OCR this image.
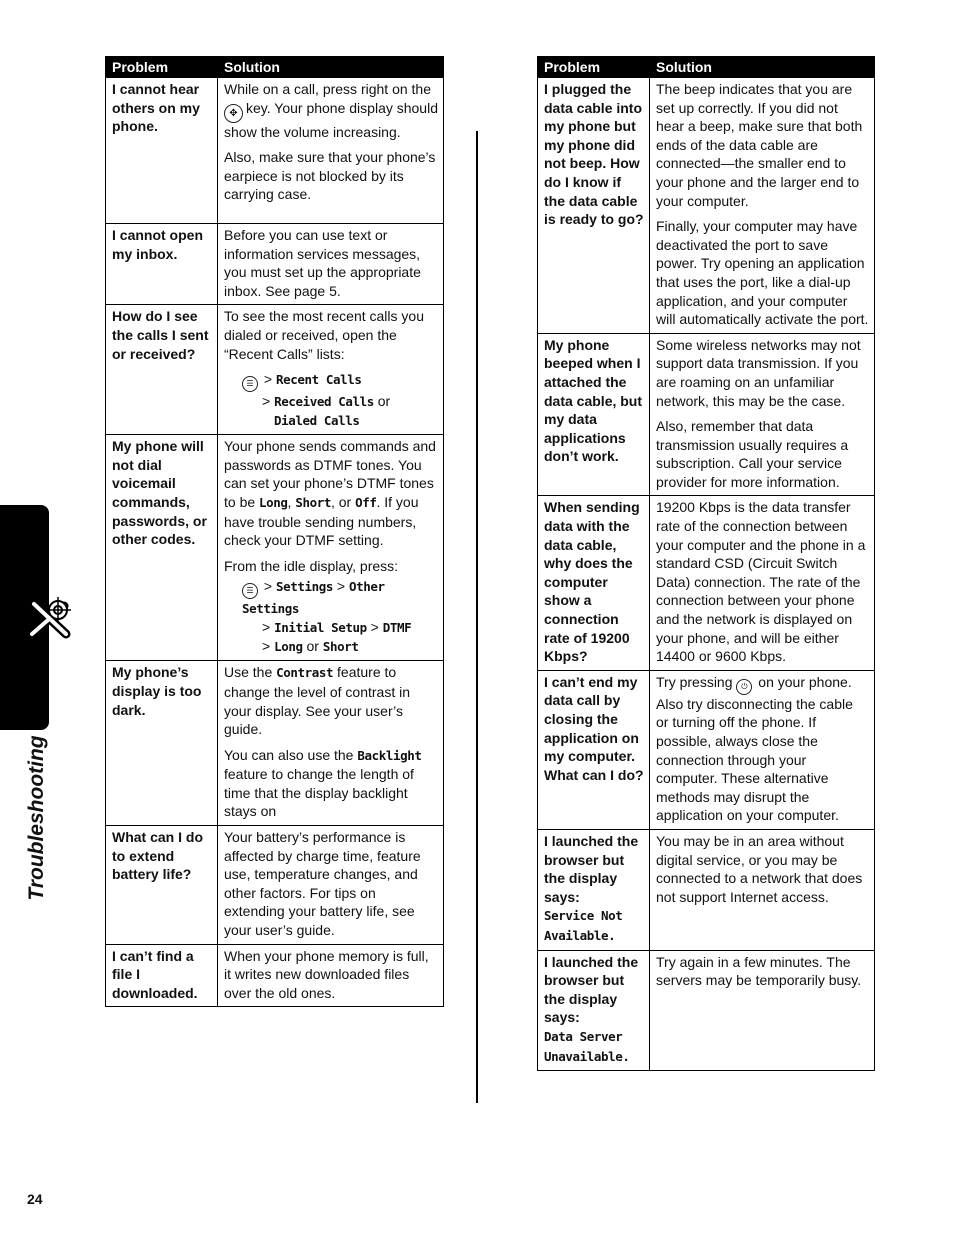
Problem	Solution
I cannot hear others on my phone.	While on a call, press right on the ✥ key. Your phone display should show the volume increasing.

Also, make sure that your phone’s earpiece is not blocked by its carrying case.

I cannot open my inbox.	Before you can use text or information services messages, you must set up the appropriate inbox. See page 5.

How do I see the calls I sent or received?	To see the most recent calls you dialed or received, open the “Recent Calls” lists:

☰ > Recent Calls
> Received Calls or
Dialed Calls

My phone will not dial voicemail commands, passwords, or other codes.	Your phone sends commands and passwords as DTMF tones. You can set your phone’s DTMF tones to be Long, Short, or Off. If you have trouble sending numbers, check your DTMF setting.

From the idle display, press:

☰ > Settings > Other Settings
> Initial Setup > DTMF
> Long or Short

My phone’s display is too dark.	Use the Contrast feature to change the level of contrast in your display. See your user’s guide.

You can also use the Backlight feature to change the length of time that the display backlight stays on

What can I do to extend battery life?	Your battery’s performance is affected by charge time, feature use, temperature changes, and other factors. For tips on extending your battery life, see your user’s guide.

I can’t find a file I downloaded.	When your phone memory is full, it writes new downloaded files over the old ones.

Problem	Solution
I plugged the data cable into my phone but my phone did not beep. How do I know if the data cable is ready to go?	The beep indicates that you are set up correctly. If you did not hear a beep, make sure that both ends of the data cable are connected—the smaller end to your phone and the larger end to your computer.

Finally, your computer may have deactivated the port to save power. Try opening an application that uses the port, like a dial-up application, and your computer will automatically activate the port.

My phone beeped when I attached the data cable, but my data applications don’t work.	Some wireless networks may not support data transmission. If you are roaming on an unfamiliar network, this may be the case.

Also, remember that data transmission usually requires a subscription. Call your service provider for more information.

When sending data with the data cable, why does the computer show a connection rate of 19200 Kbps?	19200 Kbps is the data transfer rate of the connection between your computer and the phone in a standard CSD (Circuit Switch Data) connection. The rate of the connection between your phone and the network is displayed on your phone, and will be either 14400 or 9600 Kbps.

I can’t end my data call by closing the application on my computer. What can I do?	Try pressing ⏻ on your phone. Also try disconnecting the cable or turning off the phone. If possible, always close the connection through your computer. These alternative methods may disrupt the application on your computer.

I launched the browser but the display says:
Service Not Available.	You may be in an area without digital service, or you may be connected to a network that does not support Internet access.

I launched the browser but the display says:
Data Server Unavailable.	Try again in a few minutes. The servers may be temporarily busy.

Troubleshooting
24
